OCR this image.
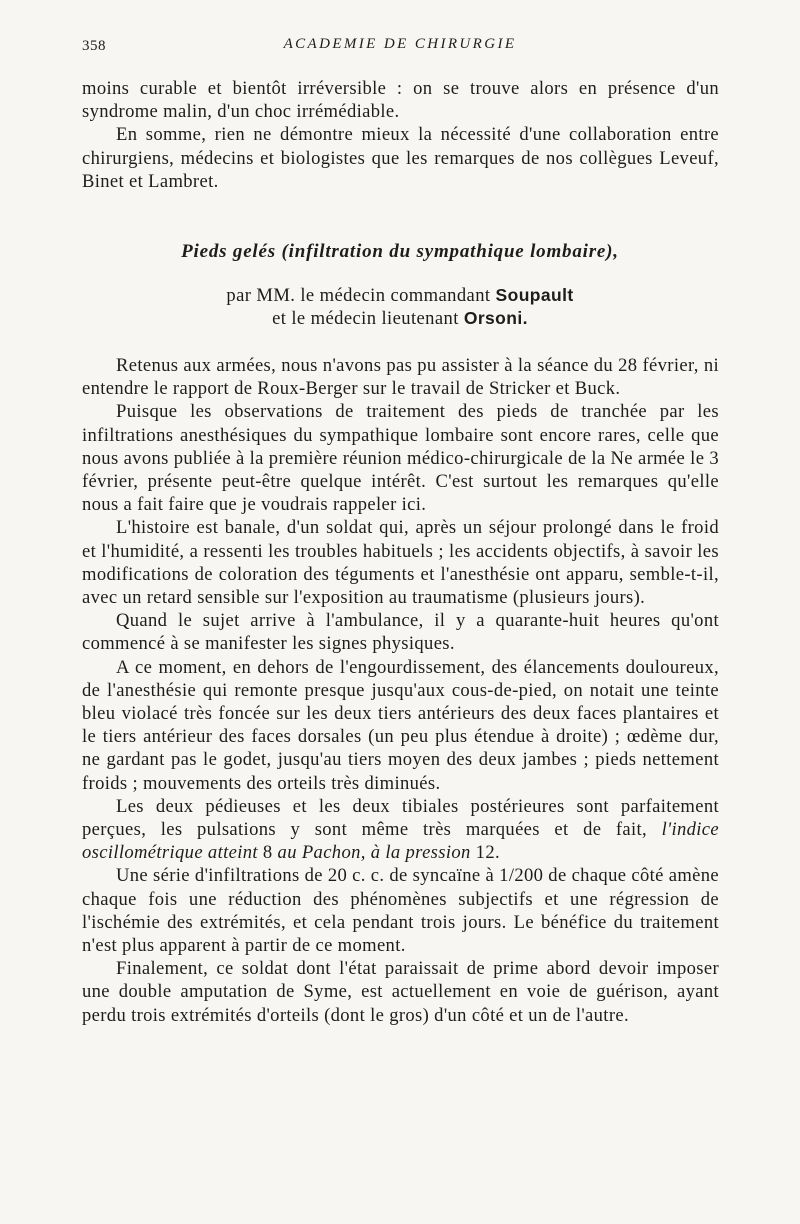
358	ACADEMIE DE CHIRURGIE

moins curable et bientôt irréversible : on se trouve alors en présence d'un syndrome malin, d'un choc irrémédiable.

En somme, rien ne démontre mieux la nécessité d'une collaboration entre chirurgiens, médecins et biologistes que les remarques de nos collègues Leveuf, Binet et Lambret.

Pieds gelés (infiltration du sympathique lombaire),

par MM. le médecin commandant Soupault

et le médecin lieutenant Orsoni.

Retenus aux armées, nous n'avons pas pu assister à la séance du 28 février, ni entendre le rapport de Roux-Berger sur le travail de Stricker et Buck.

Puisque les observations de traitement des pieds de tranchée par les infiltrations anesthésiques du sympathique lombaire sont encore rares, celle que nous avons publiée à la première réunion médico-chirurgicale de la Ne armée le 3 février, présente peut-être quelque intérêt. C'est surtout les remarques qu'elle nous a fait faire que je voudrais rappeler ici.

L'histoire est banale, d'un soldat qui, après un séjour prolongé dans le froid et l'humidité, a ressenti les troubles habituels ; les accidents objectifs, à savoir les modifications de coloration des téguments et l'anesthésie ont apparu, semble-t-il, avec un retard sensible sur l'exposition au traumatisme (plusieurs jours).

Quand le sujet arrive à l'ambulance, il y a quarante-huit heures qu'ont commencé à se manifester les signes physiques.

A ce moment, en dehors de l'engourdissement, des élancements douloureux, de l'anesthésie qui remonte presque jusqu'aux cous-de-pied, on notait une teinte bleu violacé très foncée sur les deux tiers antérieurs des deux faces plantaires et le tiers antérieur des faces dorsales (un peu plus étendue à droite) ; œdème dur, ne gardant pas le godet, jusqu'au tiers moyen des deux jambes ; pieds nettement froids ; mouvements des orteils très diminués.

Les deux pédieuses et les deux tibiales postérieures sont parfaitement perçues, les pulsations y sont même très marquées et de fait, l'indice oscillométrique atteint 8 au Pachon, à la pression 12.

Une série d'infiltrations de 20 c. c. de syncaïne à 1/200 de chaque côté amène chaque fois une réduction des phénomènes subjectifs et une régression de l'ischémie des extrémités, et cela pendant trois jours. Le bénéfice du traitement n'est plus apparent à partir de ce moment.

Finalement, ce soldat dont l'état paraissait de prime abord devoir imposer une double amputation de Syme, est actuellement en voie de guérison, ayant perdu trois extrémités d'orteils (dont le gros) d'un côté et un de l'autre.
